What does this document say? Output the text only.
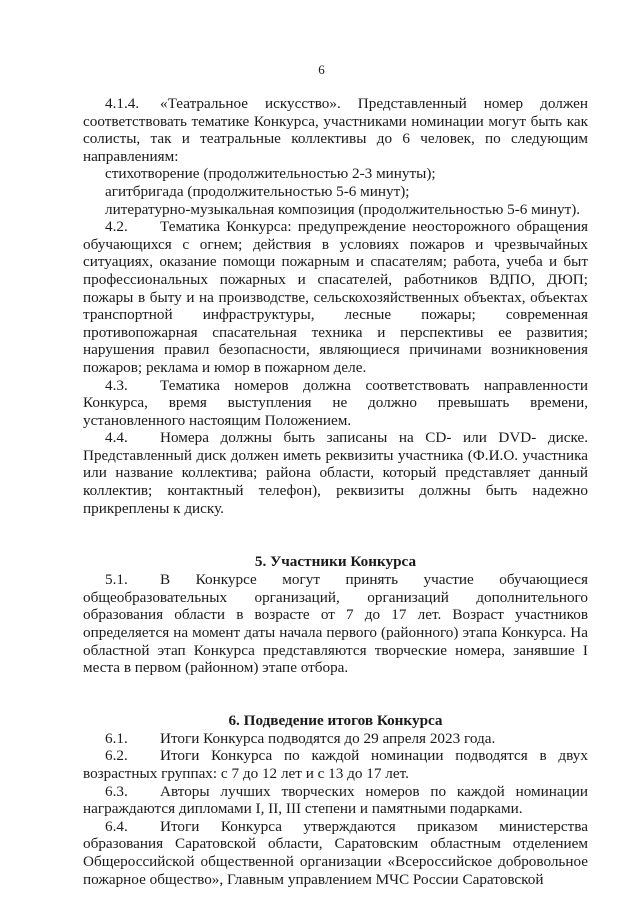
6

4.1.4. «Театральное искусство». Представленный номер должен соответствовать тематике Конкурса, участниками номинации могут быть как солисты, так и театральные коллективы до 6 человек, по следующим направлениям:

стихотворение (продолжительностью 2-3 минуты);

агитбригада (продолжительностью 5-6 минут);

литературно-музыкальная композиция (продолжительностью 5-6 минут).

4.2. Тематика Конкурса: предупреждение неосторожного обращения обучающихся с огнем; действия в условиях пожаров и чрезвычайных ситуациях, оказание помощи пожарным и спасателям; работа, учеба и быт профессиональных пожарных и спасателей, работников ВДПО, ДЮП; пожары в быту и на производстве, сельскохозяйственных объектах, объектах транспортной инфраструктуры, лесные пожары; современная противопожарная спасательная техника и перспективы ее развития; нарушения правил безопасности, являющиеся причинами возникновения пожаров; реклама и юмор в пожарном деле.

4.3. Тематика номеров должна соответствовать направленности Конкурса, время выступления не должно превышать времени, установленного настоящим Положением.

4.4. Номера должны быть записаны на CD- или DVD- диске. Представленный диск должен иметь реквизиты участника (Ф.И.О. участника или название коллектива; района области, который представляет данный коллектив; контактный телефон), реквизиты должны быть надежно прикреплены к диску.

5. Участники Конкурса

5.1. В Конкурсе могут принять участие обучающиеся общеобразовательных организаций, организаций дополнительного образования области в возрасте от 7 до 17 лет. Возраст участников определяется на момент даты начала первого (районного) этапа Конкурса. На областной этап Конкурса представляются творческие номера, занявшие I места в первом (районном) этапе отбора.

6. Подведение итогов Конкурса

6.1. Итоги Конкурса подводятся до 29 апреля 2023 года.

6.2. Итоги Конкурса по каждой номинации подводятся в двух возрастных группах: с 7 до 12 лет и с 13 до 17 лет.

6.3. Авторы лучших творческих номеров по каждой номинации награждаются дипломами I, II, III степени и памятными подарками.

6.4. Итоги Конкурса утверждаются приказом министерства образования Саратовской области, Саратовским областным отделением Общероссийской общественной организации «Всероссийское добровольное пожарное общество», Главным управлением МЧС России Саратовской
